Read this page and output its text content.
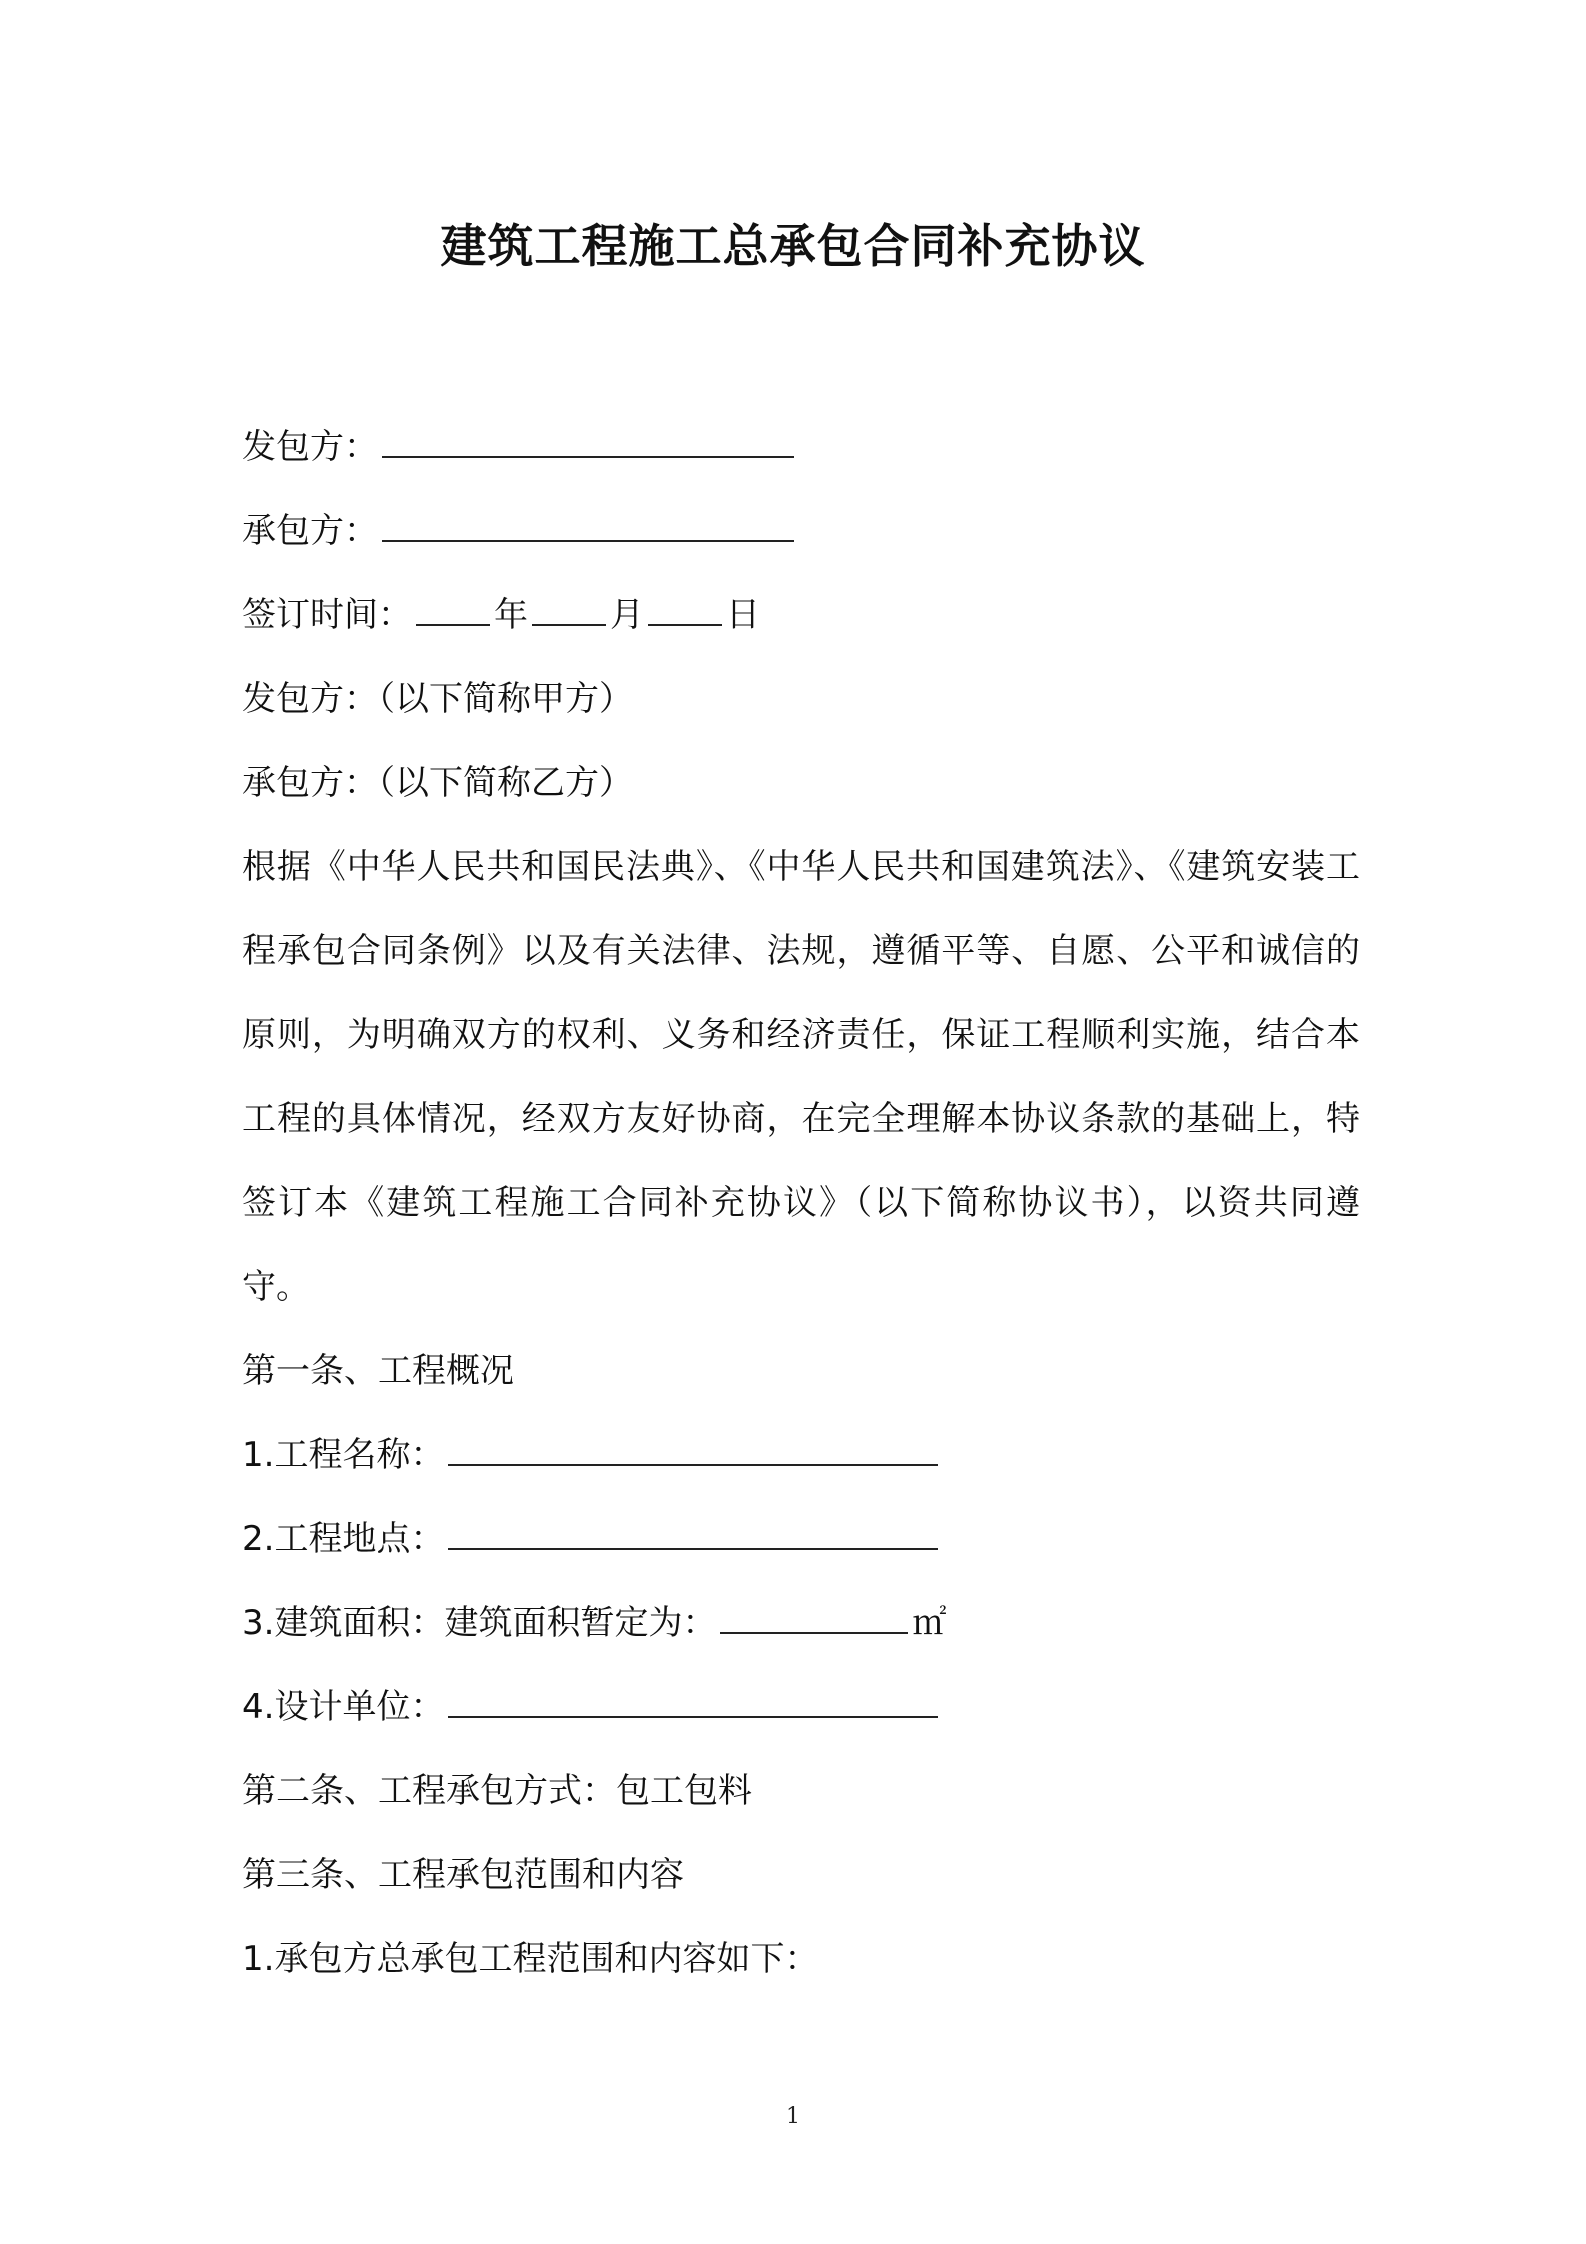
建筑工程施工总承包合同补充协议
发包方：
承包方：
签订时间： 年 月 日
发包方：（以下简称甲方）
承包方：（以下简称乙方）
根据《中华人民共和国民法典》、《中华人民共和国建筑法》、《建筑安装工程承包合同条例》以及有关法律、法规，遵循平等、自愿、公平和诚信的原则，为明确双方的权利、义务和经济责任，保证工程顺利实施，结合本工程的具体情况，经双方友好协商，在完全理解本协议条款的基础上，特签订本《建筑工程施工合同补充协议》（以下简称协议书），以资共同遵守。
第一条、工程概况
1.工程名称：
2.工程地点：
3.建筑面积：建筑面积暂定为：	㎡
4.设计单位：
第二条、工程承包方式：包工包料
第三条、工程承包范围和内容
1.承包方总承包工程范围和内容如下：
1
